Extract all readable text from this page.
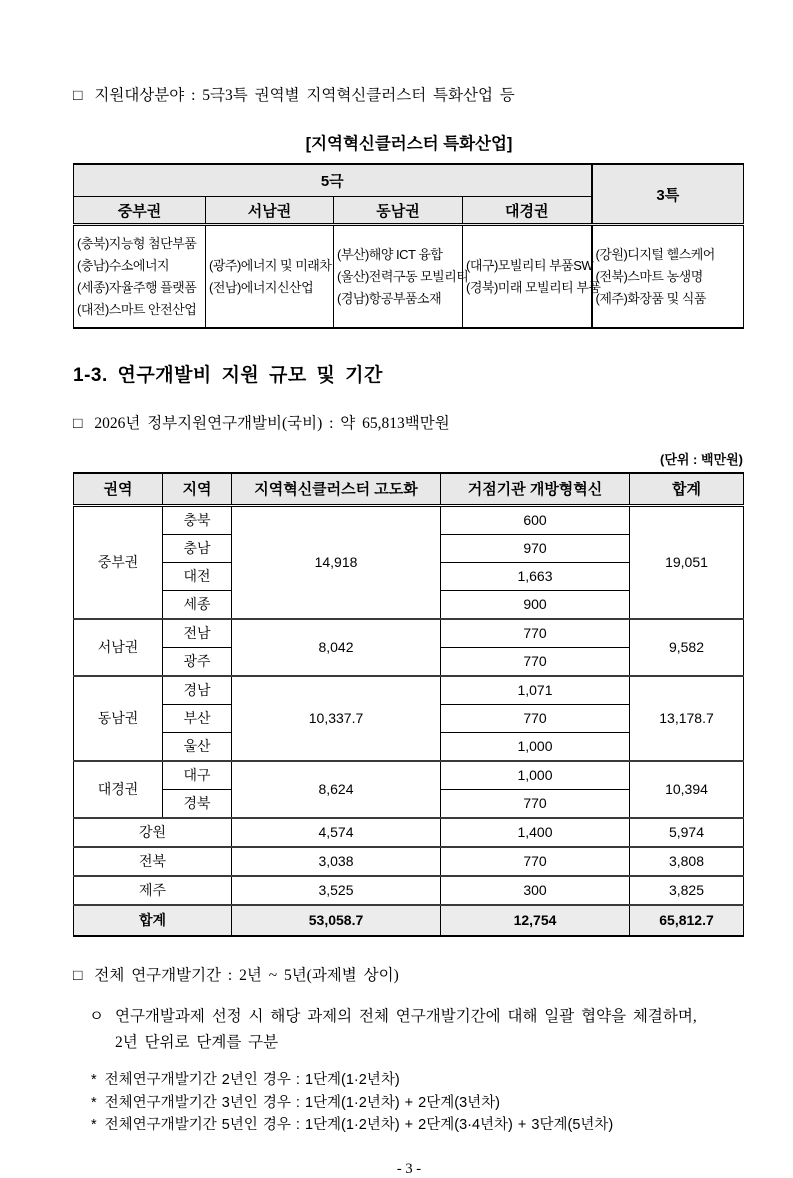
□ 지원대상분야 : 5극3특 권역별 지역혁신클러스터 특화산업 등

[지역혁신클러스터 특화산업]
5극				3특
중부권	서남권	동남권	대경권	

(충북)지능형 첨단부품
(충남)수소에너지
(세종)자율주행 플랫폼
(대전)스마트 안전산업

(광주)에너지 및 미래차
(전남)에너지신산업

(부산)해양 ICT 융합
(울산)전력구동 모빌리티
(경남)항공부품소재

(대구)모빌리티 부품SW
(경북)미래 모빌리티 부품

(강원)디지털 헬스케어
(전북)스마트 농생명
(제주)화장품 및 식품
1-3. 연구개발비 지원 규모 및 기간

□ 2026년 정부지원연구개발비(국비) : 약 65,813백만원

(단위 : 백만원)
권역	지역	지역혁신클러스터 고도화	거점기관 개방형혁신	합계
중부권	충북	14,918	600	19,051
	충남		970	
	대전		1,663	
	세종		900	
서남권	전남	8,042	770	9,582
	광주		770	
동남권	경남	10,337.7	1,071	13,178.7
	부산		770	
	울산		1,000	
대경권	대구	8,624	1,000	10,394
	경북		770	
강원		4,574	1,400	5,974
전북		3,038	770	3,808
제주		3,525	300	3,825
합계		53,058.7	12,754	65,812.7

□ 전체 연구개발기간 : 2년 ~ 5년(과제별 상이)

ㅇ 연구개발과제 선정 시 해당 과제의 전체 연구개발기간에 대해 일괄 협약을 체결하며,
2년 단위로 단계를 구분

* 전체연구개발기간 2년인 경우 : 1단계(1·2년차)

* 전체연구개발기간 3년인 경우 : 1단계(1·2년차) + 2단계(3년차)

* 전체연구개발기간 5년인 경우 : 1단계(1·2년차) + 2단계(3·4년차) + 3단계(5년차)

- 3 -
